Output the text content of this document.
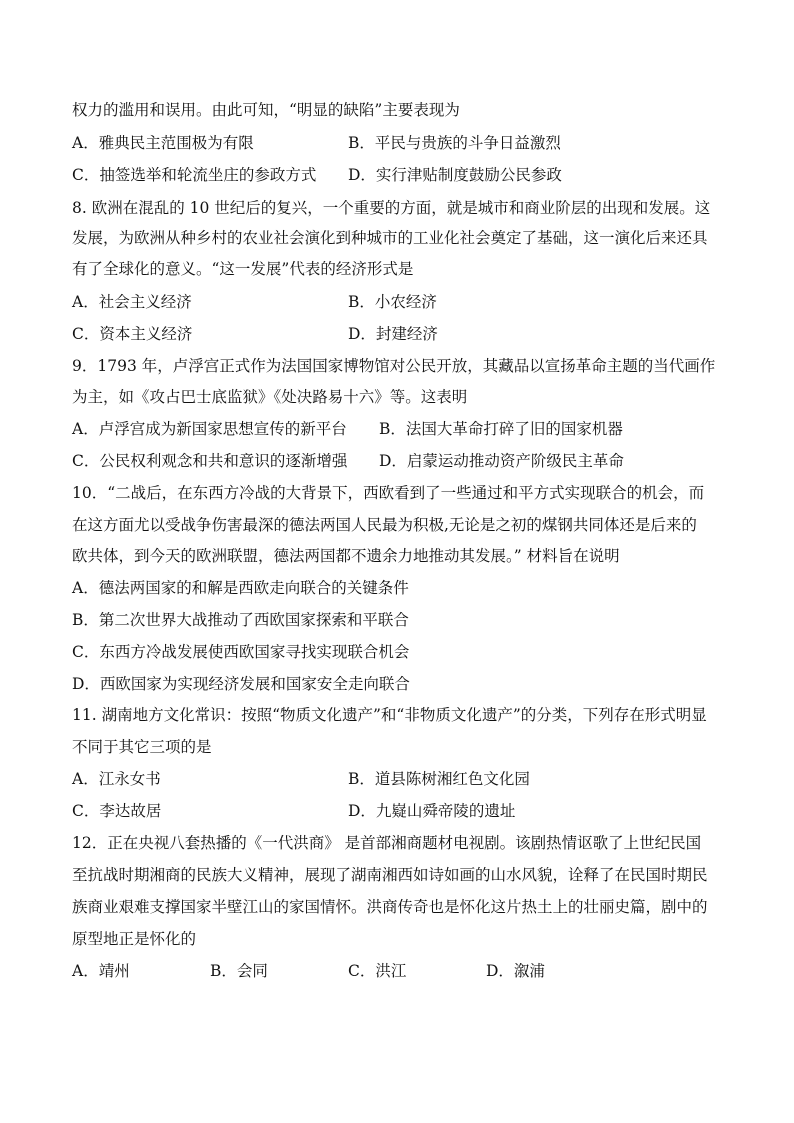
权力的滥用和误用。由此可知，“明显的缺陷”主要表现为
A．雅典民主范围极为有限	B．平民与贵族的斗争日益激烈
C．抽签选举和轮流坐庄的参政方式 D．实行津贴制度鼓励公民参政
8. 欧洲在混乱的 10 世纪后的复兴，一个重要的方面，就是城市和商业阶层的出现和发展。这
发展，为欧洲从种乡村的农业社会演化到种城市的工业化社会奠定了基础，这一演化后来还具
有了全球化的意义。“这一发展”代表的经济形式是
A．社会主义经济	B．小农经济
C．资本主义经济	D．封建经济
9．1793 年，卢浮宫正式作为法国国家博物馆对公民开放，其藏品以宣扬革命主题的当代画作
为主，如《攻占巴士底监狱》《处决路易十六》等。这表明
A．卢浮宫成为新国家思想宣传的新平台 B．法国大革命打碎了旧的国家机器
C．公民权利观念和共和意识的逐渐增强 D．启蒙运动推动资产阶级民主革命
10．“二战后，在东西方冷战的大背景下，西欧看到了一些通过和平方式实现联合的机会，而
在这方面尤以受战争伤害最深的德法两国人民最为积极,无论是之初的煤钢共同体还是后来的
欧共体，到今天的欧洲联盟，德法两国都不遗余力地推动其发展。” 材料旨在说明
A．德法两国家的和解是西欧走向联合的关键条件
B．第二次世界大战推动了西欧国家探索和平联合
C．东西方冷战发展使西欧国家寻找实现联合机会
D．西欧国家为实现经济发展和国家安全走向联合
11. 湖南地方文化常识：按照“物质文化遗产”和“非物质文化遗产”的分类，下列存在形式明显
不同于其它三项的是
A．江永女书	B．道县陈树湘红色文化园
C．李达故居	D．九嶷山舜帝陵的遗址
12．正在央视八套热播的《一代洪商》 是首部湘商题材电视剧。该剧热情讴歌了上世纪民国
至抗战时期湘商的民族大义精神，展现了湖南湘西如诗如画的山水风貌，诠释了在民国时期民
族商业艰难支撑国家半壁江山的家国情怀。洪商传奇也是怀化这片热土上的壮丽史篇，剧中的
原型地正是怀化的
A．靖州	B．会同	C．洪江	D．溆浦
